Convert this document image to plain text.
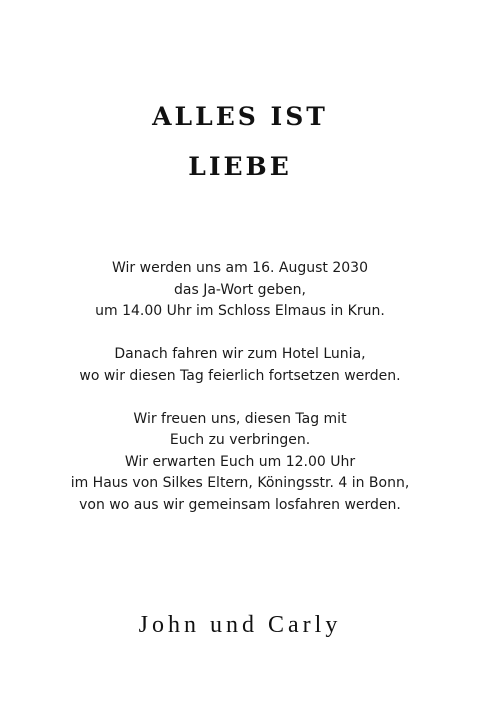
ALLES IST
LIEBE

Wir werden uns am 16. August 2030
das Ja-Wort geben,
um 14.00 Uhr im Schloss Elmaus in Krun.

Danach fahren wir zum Hotel Lunia,
wo wir diesen Tag feierlich fortsetzen werden.

Wir freuen uns, diesen Tag mit
Euch zu verbringen.
Wir erwarten Euch um 12.00 Uhr
im Haus von Silkes Eltern, Köningsstr. 4 in Bonn,
von wo aus wir gemeinsam losfahren werden.

John und Carly
